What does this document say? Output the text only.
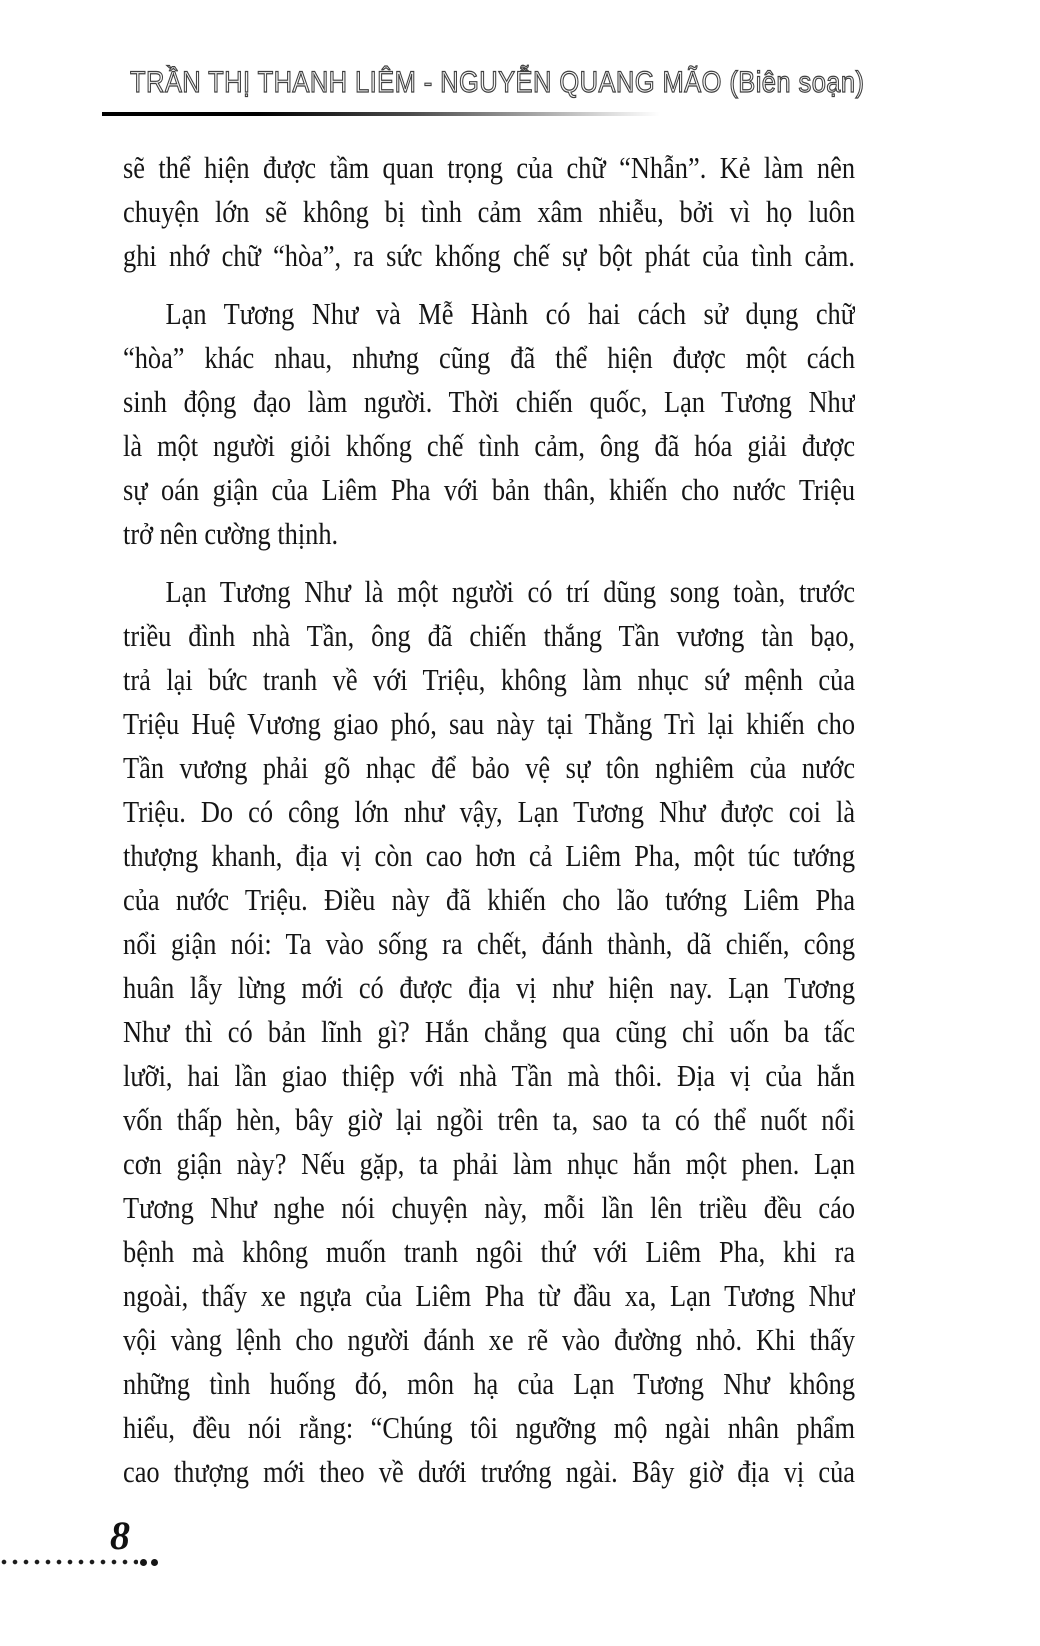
TRẦN THỊ THANH LIÊM - NGUYỄN QUANG MÃO (Biên soạn)
sẽ thể hiện được tầm quan trọng của chữ “Nhẫn”. Kẻ làm nên
chuyện lớn sẽ không bị tình cảm xâm nhiễu, bởi vì họ luôn
ghi nhớ chữ “hòa”, ra sức khống chế sự bột phát của tình cảm.
Lạn Tương Như và Mễ Hành có hai cách sử dụng chữ
“hòa” khác nhau, nhưng cũng đã thể hiện được một cách
sinh động đạo làm người. Thời chiến quốc, Lạn Tương Như
là một người giỏi khống chế tình cảm, ông đã hóa giải được
sự oán giận của Liêm Pha với bản thân, khiến cho nước Triệu
trở nên cường thịnh.
Lạn Tương Như là một người có trí dũng song toàn, trước
triều đình nhà Tần, ông đã chiến thắng Tần vương tàn bạo,
trả lại bức tranh về với Triệu, không làm nhục sứ mệnh của
Triệu Huệ Vương giao phó, sau này tại Thằng Trì lại khiến cho
Tần vương phải gõ nhạc để bảo vệ sự tôn nghiêm của nước
Triệu. Do có công lớn như vậy, Lạn Tương Như được coi là
thượng khanh, địa vị còn cao hơn cả Liêm Pha, một túc tướng
của nước Triệu. Điều này đã khiến cho lão tướng Liêm Pha
nổi giận nói: Ta vào sống ra chết, đánh thành, dã chiến, công
huân lẫy lừng mới có được địa vị như hiện nay. Lạn Tương
Như thì có bản lĩnh gì? Hắn chẳng qua cũng chỉ uốn ba tấc
lưỡi, hai lần giao thiệp với nhà Tần mà thôi. Địa vị của hắn
vốn thấp hèn, bây giờ lại ngồi trên ta, sao ta có thể nuốt nổi
cơn giận này? Nếu gặp, ta phải làm nhục hắn một phen. Lạn
Tương Như nghe nói chuyện này, mỗi lần lên triều đều cáo
bệnh mà không muốn tranh ngôi thứ với Liêm Pha, khi ra
ngoài, thấy xe ngựa của Liêm Pha từ đầu xa, Lạn Tương Như
vội vàng lệnh cho người đánh xe rẽ vào đường nhỏ. Khi thấy
những tình huống đó, môn hạ của Lạn Tương Như không
hiểu, đều nói rằng: “Chúng tôi ngưỡng mộ ngài nhân phẩm
cao thượng mới theo về dưới trướng ngài. Bây giờ địa vị của
8
